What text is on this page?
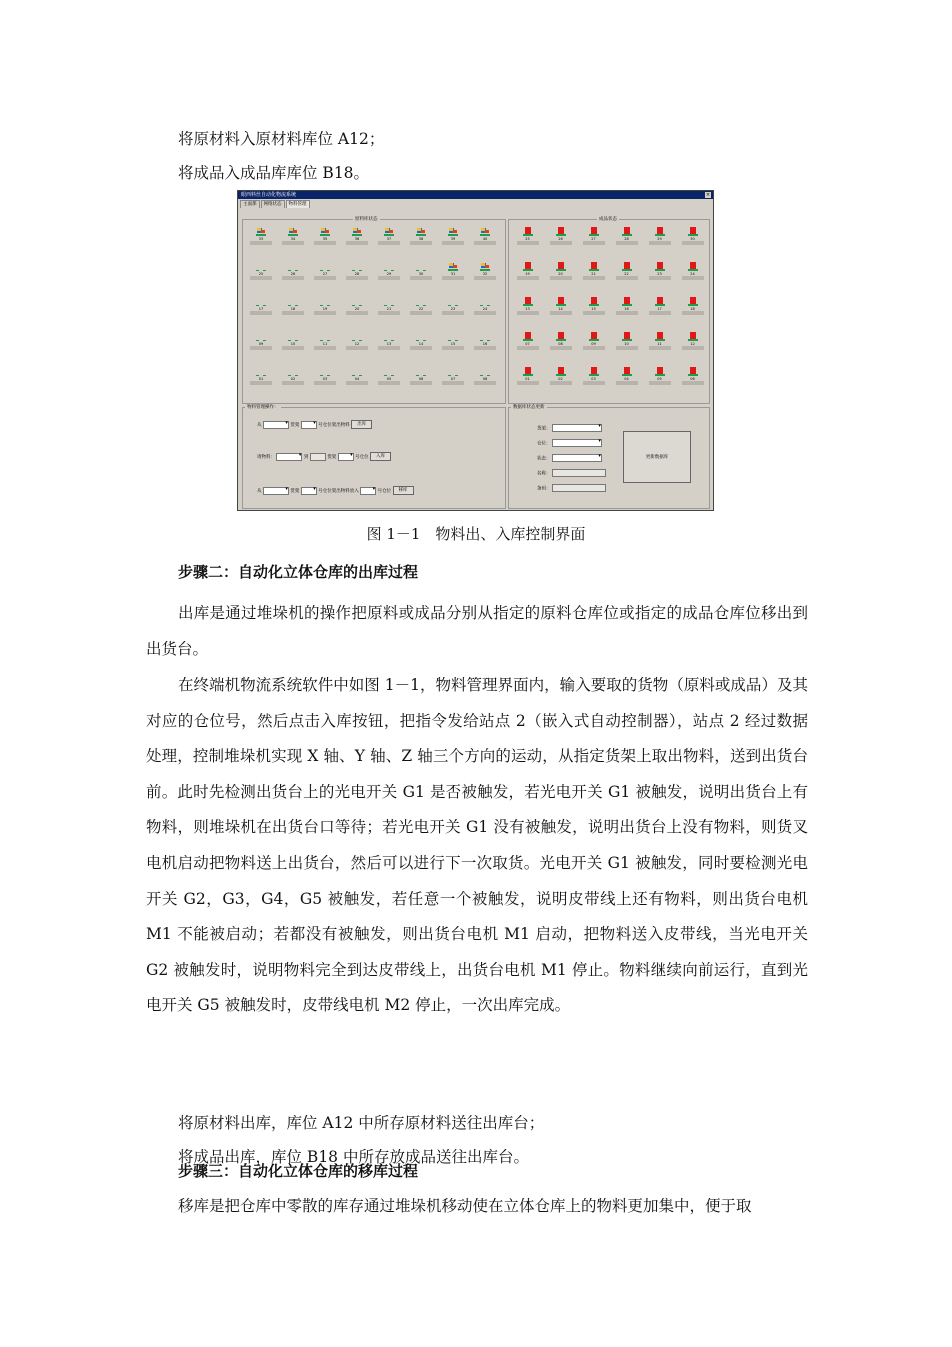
将原材料入原材料库位 A12；
将成品入成品库库位 B18。
眼西料丝自动化物流系统	×
主面那	网络状态	物料管理
原料库状态
33	34	35	36	37	38	39	40
25	26	27	28	29	30	31	32
17	18	19	20	21	22	23	24
09	10	11	12	13	14	15	16
01	02	03	04	05	06	07	08
成品状态
25	26	27	28	29	30
19	20	21	22	23	24
13	14	15	16	17	18
07	08	09	10	11	12
01	02	03	04	05	06
物料管理操作：
从 ▾	货架 ▾	号仓位架出物料 出库
请物料： ▾	到	货架 ▾	号仓位 入库
从 ▾	货架 ▾	号仓位架出物料放入 ▾	号仓位 移库
数据库状态更新
货架： ▾
仓位： ▾
状态： ▾
名称：
条码：
更新数据库
图 1－1　物料出、入库控制界面
步骤二：自动化立体仓库的出库过程

出库是通过堆垛机的操作把原料或成品分别从指定的原料仓库位或指定的成品仓库位移出到出货台。

在终端机物流系统软件中如图 1－1，物料管理界面内，输入要取的货物（原料或成品）及其对应的仓位号，然后点击入库按钮，把指令发给站点 2（嵌入式自动控制器），站点 2 经过数据处理，控制堆垛机实现 X 轴、Y 轴、Z 轴三个方向的运动，从指定货架上取出物料，送到出货台前。此时先检测出货台上的光电开关 G1 是否被触发，若光电开关 G1 被触发，说明出货台上有物料，则堆垛机在出货台口等待；若光电开关 G1 没有被触发，说明出货台上没有物料，则货叉电机启动把物料送上出货台，然后可以进行下一次取货。光电开关 G1 被触发，同时要检测光电开关 G2，G3，G4，G5 被触发，若任意一个被触发，说明皮带线上还有物料，则出货台电机 M1 不能被启动；若都没有被触发，则出货台电机 M1 启动，把物料送入皮带线，当光电开关 G2 被触发时，说明物料完全到达皮带线上，出货台电机 M1 停止。物料继续向前运行，直到光电开关 G5 被触发时，皮带线电机 M2 停止，一次出库完成。

将原材料出库，库位 A12 中所存原材料送往出库台；
将成品出库，库位 B18 中所存放成品送往出库台。
步骤三：自动化立体仓库的移库过程
移库是把仓库中零散的库存通过堆垛机移动使在立体仓库上的物料更加集中，便于取
